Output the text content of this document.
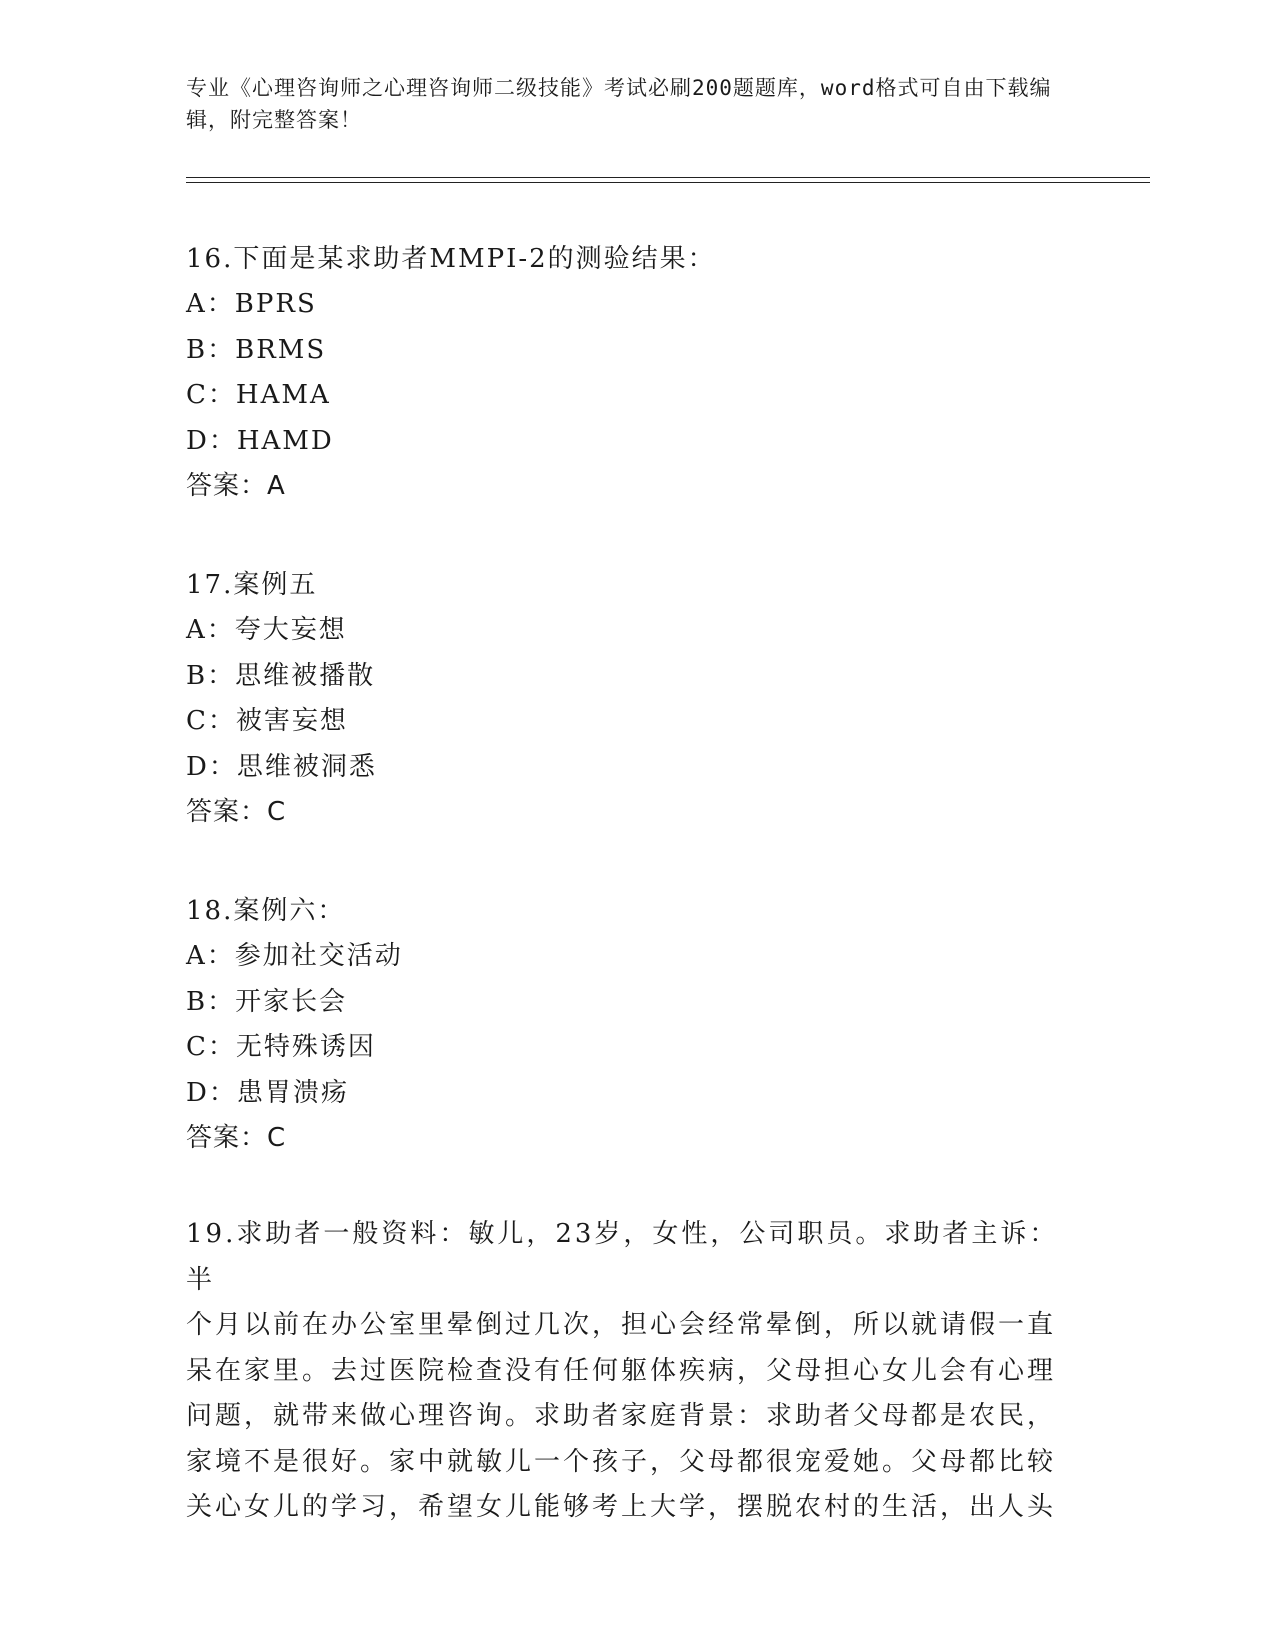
专业《心理咨询师之心理咨询师二级技能》考试必刷200题题库，word格式可自由下载编辑，附完整答案！
16.下面是某求助者MMPI-2的测验结果：
A：BPRS
B：BRMS
C：HAMA
D：HAMD
答案：A
17.案例五
A：夸大妄想
B：思维被播散
C：被害妄想
D：思维被洞悉
答案：C
18.案例六：
A：参加社交活动
B：开家长会
C：无特殊诱因
D：患胃溃疡
答案：C
19.求助者一般资料：敏儿，23岁，女性，公司职员。求助者主诉：半
个月以前在办公室里晕倒过几次，担心会经常晕倒，所以就请假一直
呆在家里。去过医院检查没有任何躯体疾病，父母担心女儿会有心理
问题，就带来做心理咨询。求助者家庭背景：求助者父母都是农民，
家境不是很好。家中就敏儿一个孩子，父母都很宠爱她。父母都比较
关心女儿的学习，希望女儿能够考上大学，摆脱农村的生活，出人头
